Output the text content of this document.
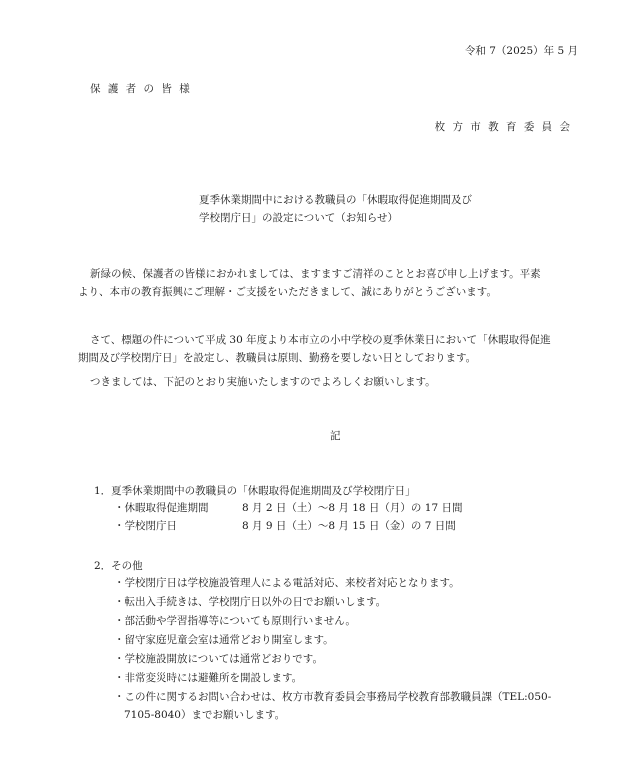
令和 7（2025）年 5 月
保 護 者 の 皆 様
枚 方 市 教 育 委 員 会
夏季休業期間中における教職員の「休暇取得促進期間及び
学校閉庁日」の設定について（お知らせ）
新緑の候、保護者の皆様におかれましては、ますますご清祥のこととお喜び申し上げます。平素
より、本市の教育振興にご理解・ご支援をいただきまして、誠にありがとうございます。
さて、標題の件について平成 30 年度より本市立の小中学校の夏季休業日において「休暇取得促進
期間及び学校閉庁日」を設定し、教職員は原則、勤務を要しない日としております。
つきましては、下記のとおり実施いたしますのでよろしくお願いします。
記
1．夏季休業期間中の教職員の「休暇取得促進期間及び学校閉庁日」
・休暇取得促進期間	8 月 2 日（土）～8 月 18 日（月）の 17 日間
・学校閉庁日	8 月 9 日（土）～8 月 15 日（金）の 7 日間
2．その他
・学校閉庁日は学校施設管理人による電話対応、来校者対応となります。
・転出入手続きは、学校閉庁日以外の日でお願いします。
・部活動や学習指導等についても原則行いません。
・留守家庭児童会室は通常どおり開室します。
・学校施設開放については通常どおりです。
・非常変災時には避難所を開設します。
・この件に関するお問い合わせは、枚方市教育委員会事務局学校教育部教職員課（TEL:050-
7105-8040）までお願いします。
